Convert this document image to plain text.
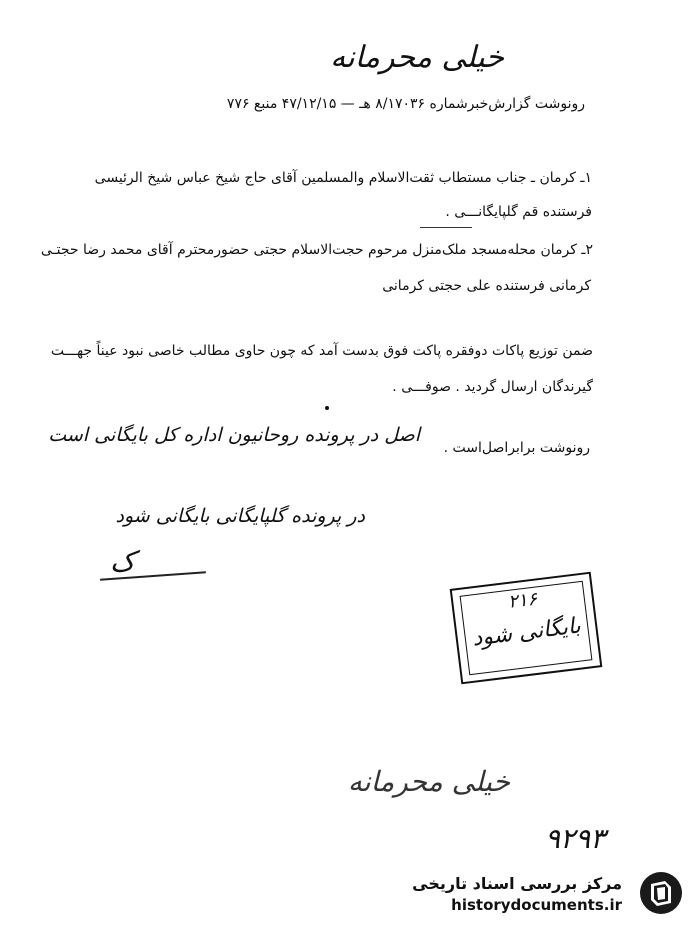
خیلی محرمانه
رونوشت گزارش‌خبرشماره ۸/۱۷۰۳۶ هـ — ۴۷/۱۲/۱۵ منبع ۷۷۶
۱ـ کرمان ـ جناب مستطاب ثقت‌الاسلام والمسلمین آقای حاج شیخ عباس شیخ الرئیسی
فرستنده قم گلپایگانـــی .
۲ـ کرمان محله‌مسجد ملک‌منزل مرحوم حجت‌الاسلام حجتی حضورمحترم آقای محمد رضا حجتـی
کرمانی فرستنده علی حجتی کرمانی
ضمن توزیع پاکات دوفقره پاکت فوق بدست آمد که چون حاوی مطالب خاصی نبود عیناً جهـــت
گیرندگان ارسال گردید . صوفـــی .
رونوشت برابراصل‌است .
اصل در پرونده روحانیون اداره کل بایگانی است
در پرونده گلپایگانی بایگانی شود
ک
۲۱۶
بایگانی شود
خیلی محرمانه
۹۲۹۳
مرکز بررسی اسناد تاریخی
historydocuments.ir
